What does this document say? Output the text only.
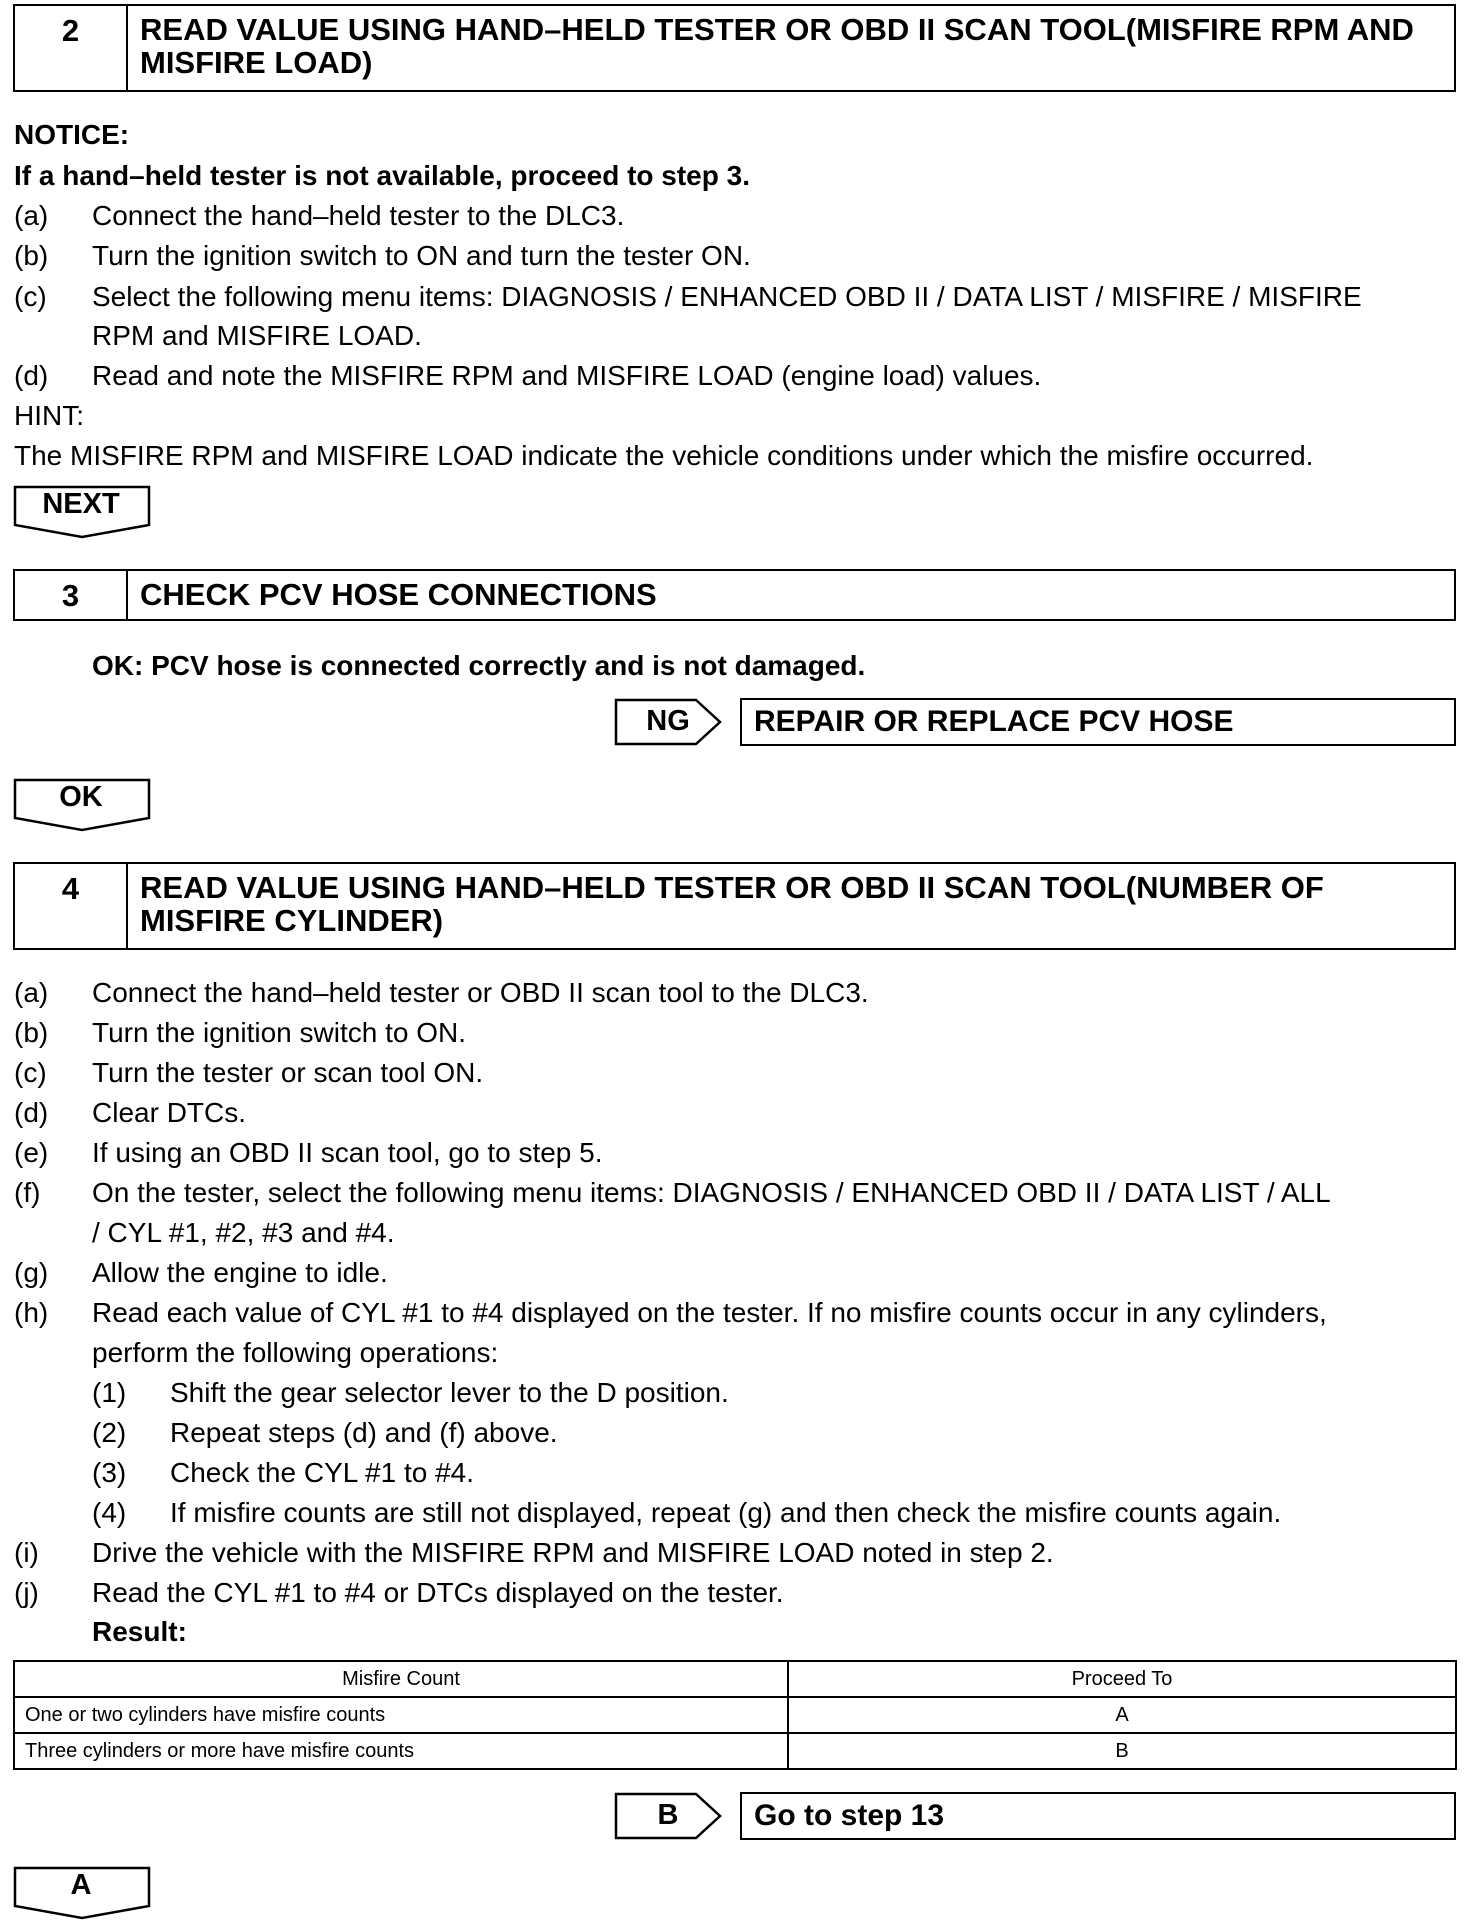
2	READ VALUE USING HAND–HELD TESTER OR OBD II SCAN TOOL(MISFIRE RPM AND MISFIRE LOAD)
NOTICE:
If a hand–held tester is not available, proceed to step 3.
(a) Connect the hand–held tester to the DLC3.
(b) Turn the ignition switch to ON and turn the tester ON.
(c) Select the following menu items: DIAGNOSIS / ENHANCED OBD II / DATA LIST / MISFIRE / MISFIRE
RPM and MISFIRE LOAD.
(d) Read and note the MISFIRE RPM and MISFIRE LOAD (engine load) values.
HINT:
The MISFIRE RPM and MISFIRE LOAD indicate the vehicle conditions under which the misfire occurred.
NEXT
3	CHECK PCV HOSE CONNECTIONS
OK: PCV hose is connected correctly and is not damaged.
NG	REPAIR OR REPLACE PCV HOSE
OK
4	READ VALUE USING HAND–HELD TESTER OR OBD II SCAN TOOL(NUMBER OF MISFIRE CYLINDER)
(a) Connect the hand–held tester or OBD II scan tool to the DLC3.
(b) Turn the ignition switch to ON.
(c) Turn the tester or scan tool ON.
(d) Clear DTCs.
(e) If using an OBD II scan tool, go to step 5.
(f) On the tester, select the following menu items: DIAGNOSIS / ENHANCED OBD II / DATA LIST / ALL
/ CYL #1, #2, #3 and #4.
(g) Allow the engine to idle.
(h) Read each value of CYL #1 to #4 displayed on the tester. If no misfire counts occur in any cylinders,
perform the following operations:
(1) Shift the gear selector lever to the D position.
(2) Repeat steps (d) and (f) above.
(3) Check the CYL #1 to #4.
(4) If misfire counts are still not displayed, repeat (g) and then check the misfire counts again.
(i) Drive the vehicle with the MISFIRE RPM and MISFIRE LOAD noted in step 2.
(j) Read the CYL #1 to #4 or DTCs displayed on the tester.
Result:
Misfire Count	Proceed To
One or two cylinders have misfire counts	A
Three cylinders or more have misfire counts	B
B	Go to step 13
A
